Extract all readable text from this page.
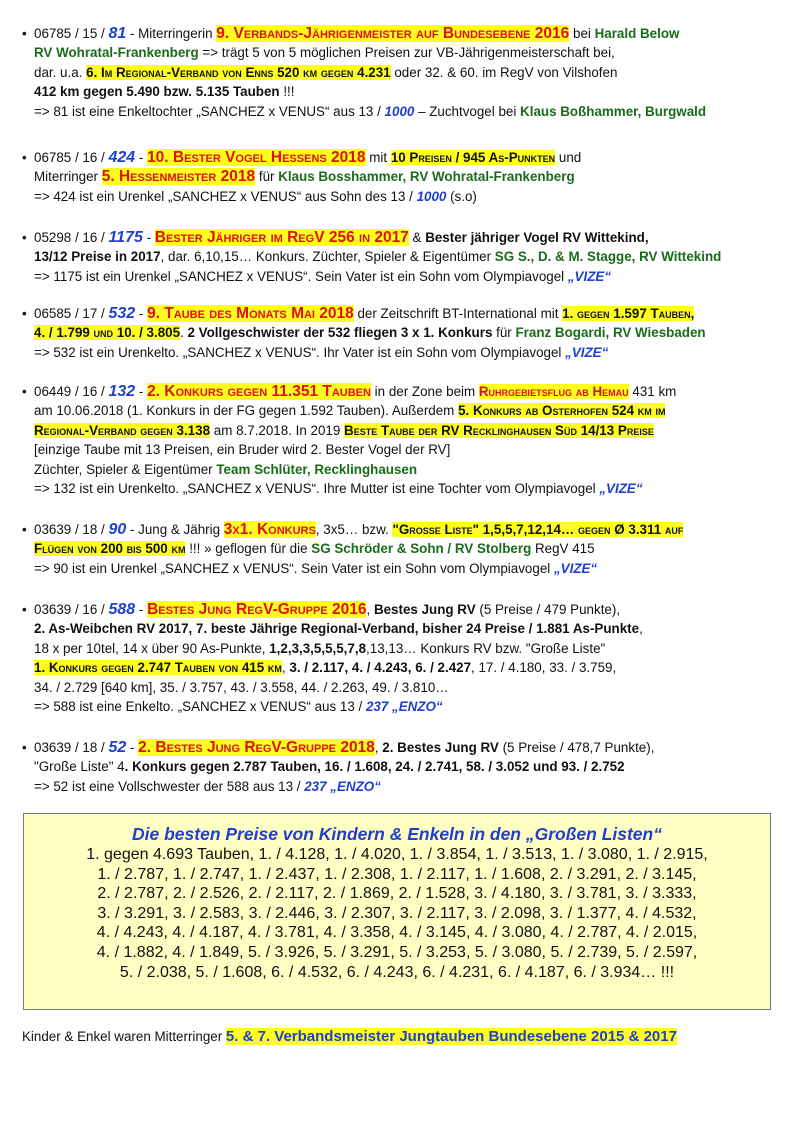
• 06785 / 15 / 81 - Miterringerin 9. Verbands-Jährigenmeister auf Bundesebene 2016 bei Harald Below
RV Wohratal-Frankenberg => trägt 5 von 5 möglichen Preisen zur VB-Jährigenmeisterschaft bei,
dar. u.a. 6. Im Regional-Verband von Enns 520 km gegen 4.231 oder 32. & 60. im RegV von Vilshofen
412 km gegen 5.490 bzw. 5.135 Tauben !!!
=> 81 ist eine Enkeltochter „SANCHEZ x VENUS“ aus 13 / 1000 – Zuchtvogel bei Klaus Boßhammer, Burgwald
• 06785 / 16 / 424 - 10. Bester Vogel Hessens 2018 mit 10 Preisen / 945 As-Punkten und
Miterringer 5. Hessenmeister 2018 für Klaus Bosshammer, RV Wohratal-Frankenberg
=> 424 ist ein Urenkel „SANCHEZ x VENUS“ aus Sohn des 13 / 1000 (s.o)
• 05298 / 16 / 1175 - Bester Jähriger im RegV 256 in 2017 & Bester jähriger Vogel RV Wittekind,
13/12 Preise in 2017, dar. 6,10,15… Konkurs. Züchter, Spieler & Eigentümer SG S., D. & M. Stagge, RV Wittekind
=> 1175 ist ein Urenkel „SANCHEZ x VENUS“. Sein Vater ist ein Sohn vom Olympiavogel „VIZE“
• 06585 / 17 / 532 - 9. Taube des Monats Mai 2018 der Zeitschrift BT-International mit 1. gegen 1.597 Tauben,
4. / 1.799 und 10. / 3.805. 2 Vollgeschwister der 532 fliegen 3 x 1. Konkurs für Franz Bogardi, RV Wiesbaden
=> 532 ist ein Urenkelto. „SANCHEZ x VENUS“. Ihr Vater ist ein Sohn vom Olympiavogel „VIZE“
• 06449 / 16 / 132 - 2. Konkurs gegen 11.351 Tauben in der Zone beim Ruhrgebietsflug ab Hemau 431 km
am 10.06.2018 (1. Konkurs in der FG gegen 1.592 Tauben). Außerdem 5. Konkurs ab Osterhofen 524 km im
Regional-Verband gegen 3.138 am 8.7.2018. In 2019 Beste Taube der RV Recklinghausen Süd 14/13 Preise
[einzige Taube mit 13 Preisen, ein Bruder wird 2. Bester Vogel der RV]
Züchter, Spieler & Eigentümer Team Schlüter, Recklinghausen
=> 132 ist ein Urenkelto. „SANCHEZ x VENUS“. Ihre Mutter ist eine Tochter vom Olympiavogel „VIZE“
• 03639 / 18 / 90 - Jung & Jährig 3x1. Konkurs, 3x5… bzw. "Große Liste" 1,5,5,7,12,14… gegen Ø 3.311 auf
Flügen von 200 bis 500 km !!! » geflogen für die SG Schröder & Sohn / RV Stolberg RegV 415
=> 90 ist ein Urenkel „SANCHEZ x VENUS“. Sein Vater ist ein Sohn vom Olympiavogel „VIZE“
• 03639 / 16 / 588 - Bestes Jung RegV-Gruppe 2016, Bestes Jung RV (5 Preise / 479 Punkte),
2. As-Weibchen RV 2017, 7. beste Jährige Regional-Verband, bisher 24 Preise / 1.881 As-Punkte,
18 x per 10tel, 14 x über 90 As-Punkte, 1,2,3,3,5,5,5,7,8,13,13… Konkurs RV bzw. "Große Liste"
1. Konkurs gegen 2.747 Tauben von 415 km, 3. / 2.117, 4. / 4.243, 6. / 2.427, 17. / 4.180, 33. / 3.759,
34. / 2.729 [640 km], 35. / 3.757, 43. / 3.558, 44. / 2.263, 49. / 3.810…
=> 588 ist eine Enkelto. „SANCHEZ x VENUS“ aus 13 / 237 „ENZO“
• 03639 / 18 / 52 - 2. Bestes Jung RegV-Gruppe 2018, 2. Bestes Jung RV (5 Preise / 478,7 Punkte),
"Große Liste" 4. Konkurs gegen 2.787 Tauben, 16. / 1.608, 24. / 2.741, 58. / 3.052 und 93. / 2.752
=> 52 ist eine Vollschwester der 588 aus 13 / 237 „ENZO“
Die besten Preise von Kindern & Enkeln in den „Großen Listen“
1. gegen 4.693 Tauben, 1. / 4.128, 1. / 4.020, 1. / 3.854, 1. / 3.513, 1. / 3.080, 1. / 2.915,
1. / 2.787, 1. / 2.747, 1. / 2.437, 1. / 2.308, 1. / 2.117, 1. / 1.608, 2. / 3.291, 2. / 3.145,
2. / 2.787, 2. / 2.526, 2. / 2.117, 2. / 1.869, 2. / 1.528, 3. / 4.180, 3. / 3.781, 3. / 3.333,
3. / 3.291, 3. / 2.583, 3. / 2.446, 3. / 2.307, 3. / 2.117, 3. / 2.098, 3. / 1.377, 4. / 4.532,
4. / 4.243, 4. / 4.187, 4. / 3.781, 4. / 3.358, 4. / 3.145, 4. / 3.080, 4. / 2.787, 4. / 2.015,
4. / 1.882, 4. / 1.849, 5. / 3.926, 5. / 3.291, 5. / 3.253, 5. / 3.080, 5. / 2.739, 5. / 2.597,
5. / 2.038, 5. / 1.608, 6. / 4.532, 6. / 4.243, 6. / 4.231, 6. / 4.187, 6. / 3.934… !!!
Kinder & Enkel waren Mitterringer 5. & 7. Verbandsmeister Jungtauben Bundesebene 2015 & 2017
